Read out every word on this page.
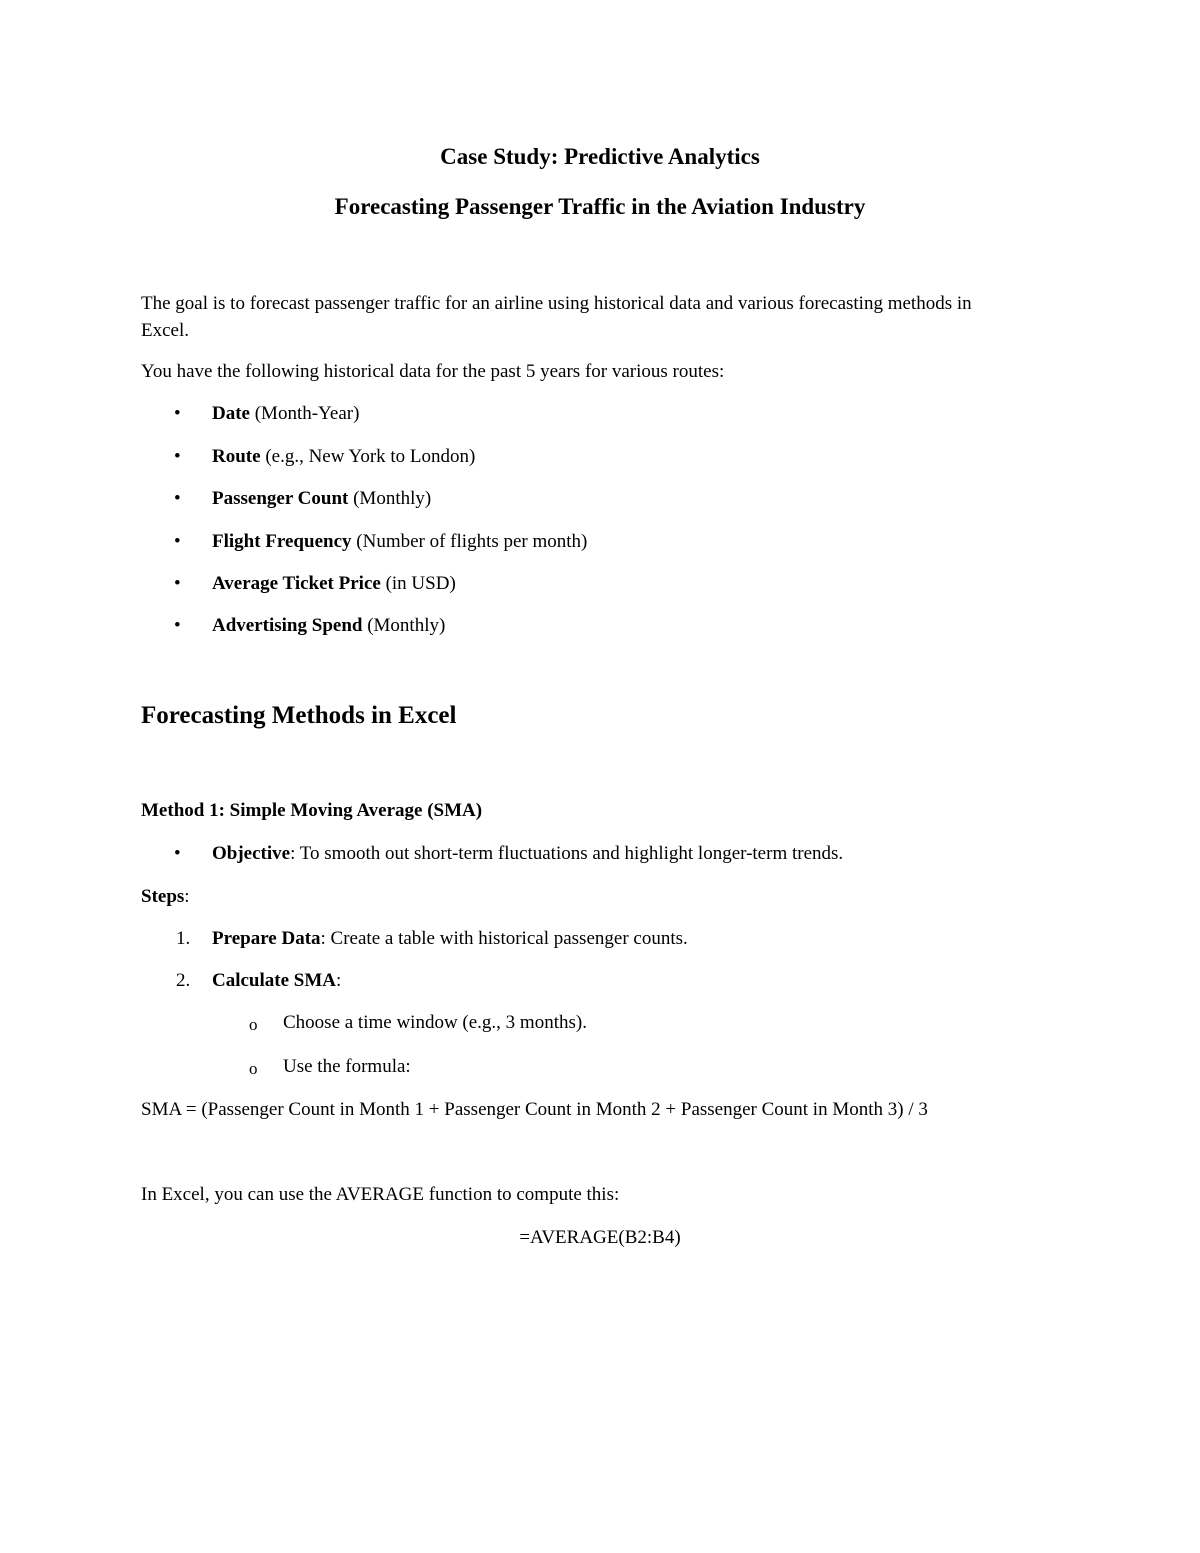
Case Study: Predictive Analytics
Forecasting Passenger Traffic in the Aviation Industry
The goal is to forecast passenger traffic for an airline using historical data and various forecasting methods in Excel.
You have the following historical data for the past 5 years for various routes:
• Date (Month-Year)
• Route (e.g., New York to London)
• Passenger Count (Monthly)
• Flight Frequency (Number of flights per month)
• Average Ticket Price (in USD)
• Advertising Spend (Monthly)
Forecasting Methods in Excel
Method 1: Simple Moving Average (SMA)
• Objective: To smooth out short-term fluctuations and highlight longer-term trends.
Steps:
1. Prepare Data: Create a table with historical passenger counts.
2. Calculate SMA:
o Choose a time window (e.g., 3 months).
o Use the formula:
SMA = (Passenger Count in Month 1 + Passenger Count in Month 2 + Passenger Count in Month 3) / 3
In Excel, you can use the AVERAGE function to compute this:
=AVERAGE(B2:B4)
